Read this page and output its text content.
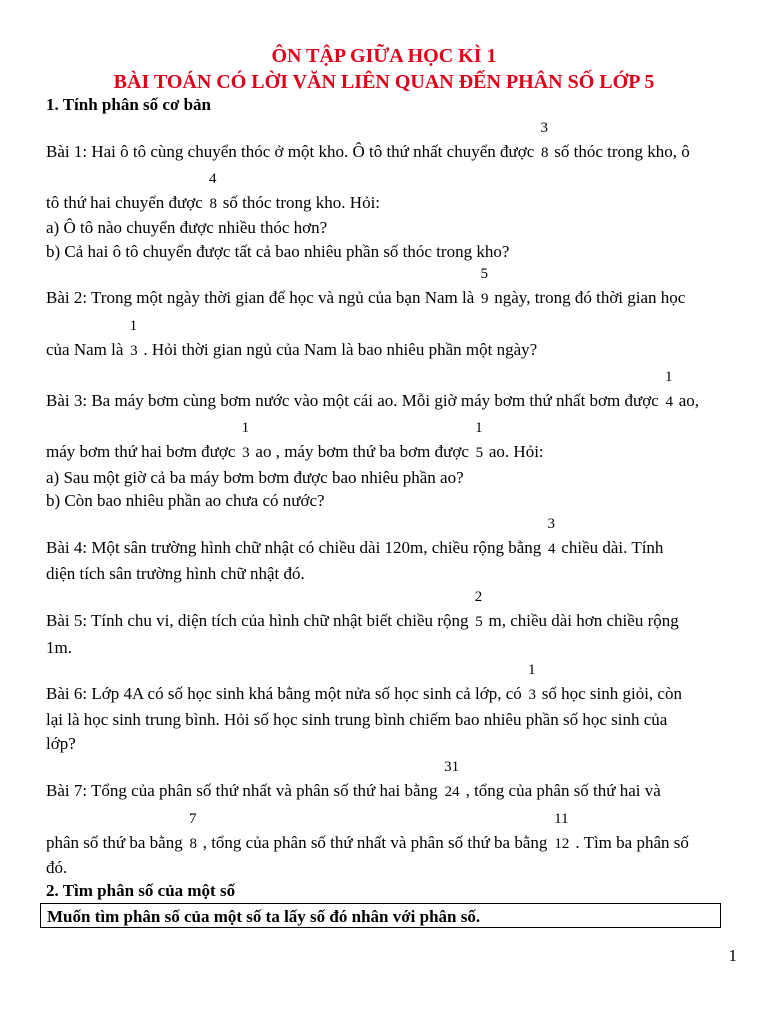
ÔN TẬP GIỮA HỌC KÌ 1
BÀI TOÁN CÓ LỜI VĂN LIÊN QUAN ĐẾN PHÂN SỐ LỚP 5
1. Tính phân số cơ bản
Bài 1: Hai ô tô cùng chuyển thóc ở một kho. Ô tô thứ nhất chuyển được
3
8 số thóc trong kho, ô
tô thứ hai chuyển được
4
8 số thóc trong kho. Hỏi:
a) Ô tô nào chuyển được nhiều thóc hơn?
b) Cả hai ô tô chuyển được tất cả bao nhiêu phần số thóc trong kho?
Bài 2: Trong một ngày thời gian để học và ngủ của bạn Nam là
5
9 ngày, trong đó thời gian học
của Nam là
1
3 . Hỏi thời gian ngủ của Nam là bao nhiêu phần một ngày?
Bài 3: Ba máy bơm cùng bơm nước vào một cái ao. Mỗi giờ máy bơm thứ nhất bơm được
1
4 ao,
máy bơm thứ hai bơm được
1
3 ao , máy bơm thứ ba bơm được
1
5 ao. Hỏi:
a) Sau một giờ cả ba máy bơm bơm được bao nhiêu phần ao?
b) Còn bao nhiêu phần ao chưa có nước?
Bài 4: Một sân trường hình chữ nhật có chiều dài 120m, chiều rộng bằng
3
4 chiều dài. Tính
diện tích sân trường hình chữ nhật đó.
Bài 5: Tính chu vi, diện tích của hình chữ nhật biết chiều rộng
2
5 m, chiều dài hơn chiều rộng
1m.
Bài 6: Lớp 4A có số học sinh khá bằng một nửa số học sinh cả lớp, có
1
3 số học sinh giỏi, còn
lại là học sinh trung bình. Hỏi số học sinh trung bình chiếm bao nhiêu phần số học sinh của
lớp?
Bài 7: Tổng của phân số thứ nhất và phân số thứ hai bằng
31
24 , tổng của phân số thứ hai và
phân số thứ ba bằng
7
8 , tổng của phân số thứ nhất và phân số thứ ba bằng
11
12 . Tìm ba phân số
đó.
2. Tìm phân số của một số
Muốn tìm phân số của một số ta lấy số đó nhân với phân số.
1
